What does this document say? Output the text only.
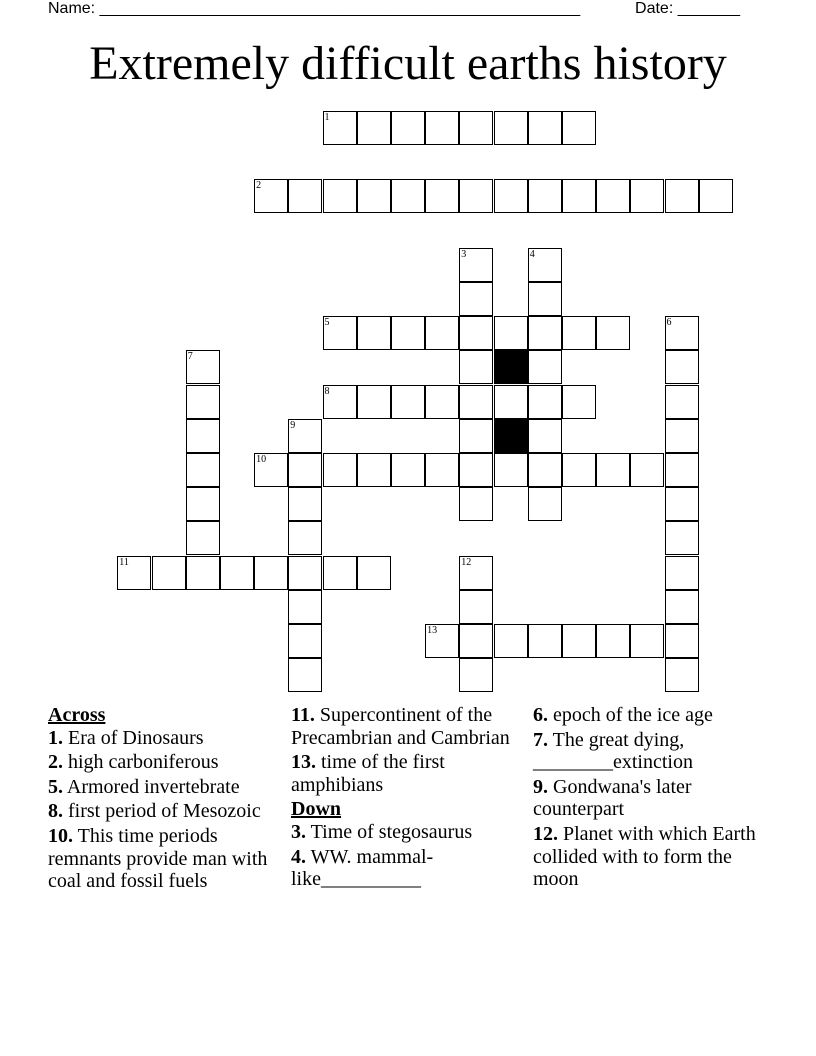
Name: ______________________________________________________	Date: _______
Extremely difficult earths history
1
2
3	4
5	6
7
8
9
10
11	12
13
Across
1. Era of Dinosaurs
2. high carboniferous
5. Armored invertebrate
8. first period of Mesozoic
10. This time periods remnants provide man with coal and fossil fuels
11. Supercontinent of the Precambrian and Cambrian
13. time of the first amphibians
Down
3. Time of stegosaurus
4. WW. mammal-like__________
6. epoch of the ice age
7. The great dying, ________extinction
9. Gondwana's later counterpart
12. Planet with which Earth collided with to form the moon
